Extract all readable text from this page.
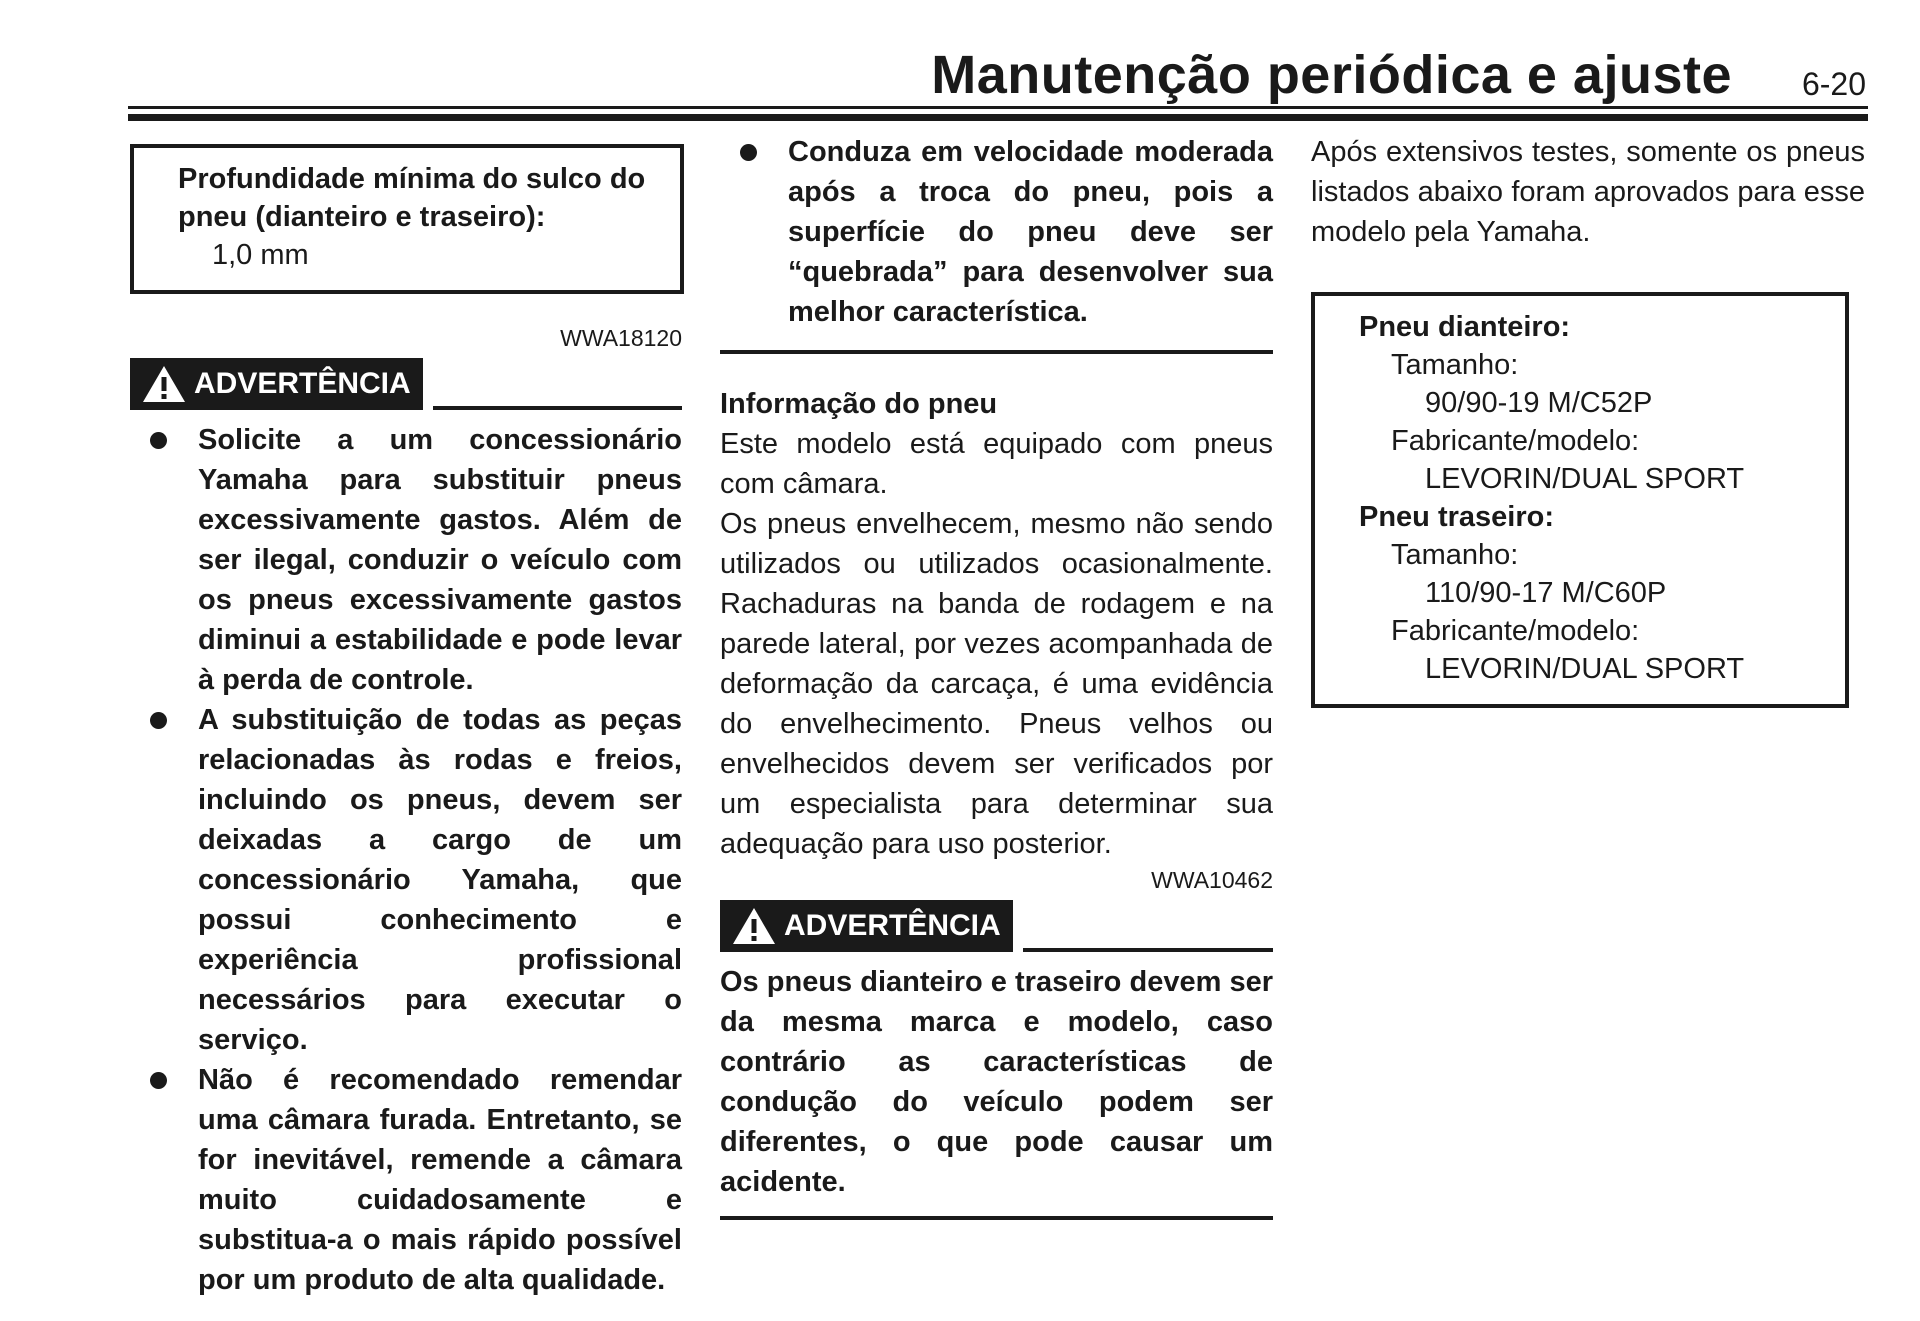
Manutenção periódica e ajuste 6-20
Profundidade mínima do sulco do pneu (dianteiro e traseiro):
1,0 mm
WWA18120
ADVERTÊNCIA
Solicite a um concessionário Yamaha para substituir pneus excessivamente gastos. Além de ser ilegal, conduzir o veículo com os pneus excessivamente gastos diminui a estabilidade e pode levar à perda de controle.
A substituição de todas as peças relacionadas às rodas e freios, incluindo os pneus, devem ser deixadas a cargo de um concessionário Yamaha, que possui conhecimento e experiência profissional necessários para executar o serviço.
Não é recomendado remendar uma câmara furada. Entretanto, se for inevitável, remende a câmara muito cuidadosamente e substitua-a o mais rápido possível por um produto de alta qualidade.
Conduza em velocidade moderada após a troca do pneu, pois a superfície do pneu deve ser “quebrada” para desenvolver sua melhor característica.
Informação do pneu
Este modelo está equipado com pneus com câmara.
Os pneus envelhecem, mesmo não sendo utilizados ou utilizados ocasionalmente. Rachaduras na banda de rodagem e na parede lateral, por vezes acompanhada de deformação da carcaça, é uma evidência do envelhecimento. Pneus velhos ou envelhecidos devem ser verificados por um especialista para determinar sua adequação para uso posterior.
WWA10462
ADVERTÊNCIA
Os pneus dianteiro e traseiro devem ser da mesma marca e modelo, caso contrário as características de condução do veículo podem ser diferentes, o que pode causar um acidente.
Após extensivos testes, somente os pneus listados abaixo foram aprovados para esse modelo pela Yamaha.
Pneu dianteiro:
Tamanho:
90/90-19 M/C52P
Fabricante/modelo:
LEVORIN/DUAL SPORT
Pneu traseiro:
Tamanho:
110/90-17 M/C60P
Fabricante/modelo:
LEVORIN/DUAL SPORT
